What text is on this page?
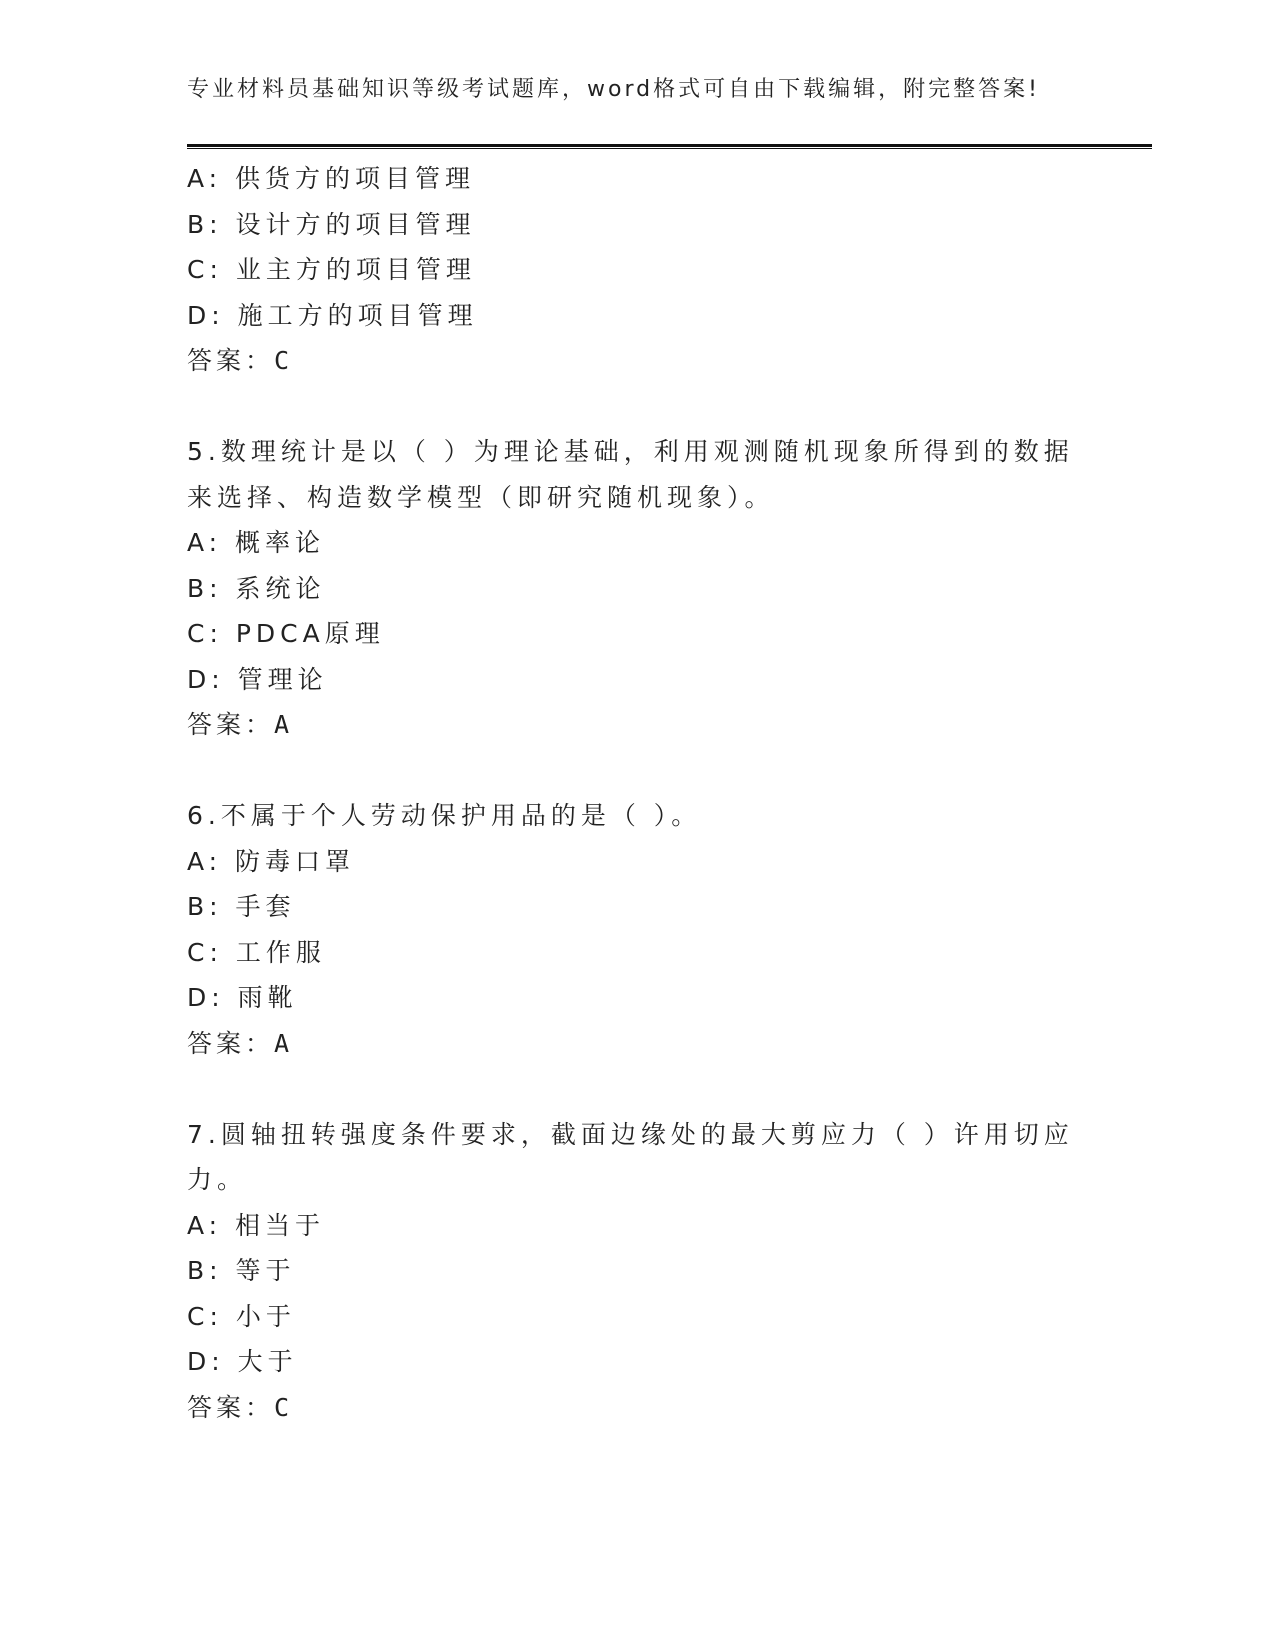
专业材料员基础知识等级考试题库，word格式可自由下载编辑，附完整答案!
A: 供货方的项目管理
B: 设计方的项目管理
C: 业主方的项目管理
D: 施工方的项目管理
答案：C
5.数理统计是以（ ）为理论基础，利用观测随机现象所得到的数据来选择、构造数学模型（即研究随机现象）。
A: 概率论
B: 系统论
C: PDCA原理
D: 管理论
答案：A
6.不属于个人劳动保护用品的是（ ）。
A: 防毒口罩
B: 手套
C: 工作服
D: 雨靴
答案：A
7.圆轴扭转强度条件要求，截面边缘处的最大剪应力（ ）许用切应力。
A: 相当于
B: 等于
C: 小于
D: 大于
答案：C
